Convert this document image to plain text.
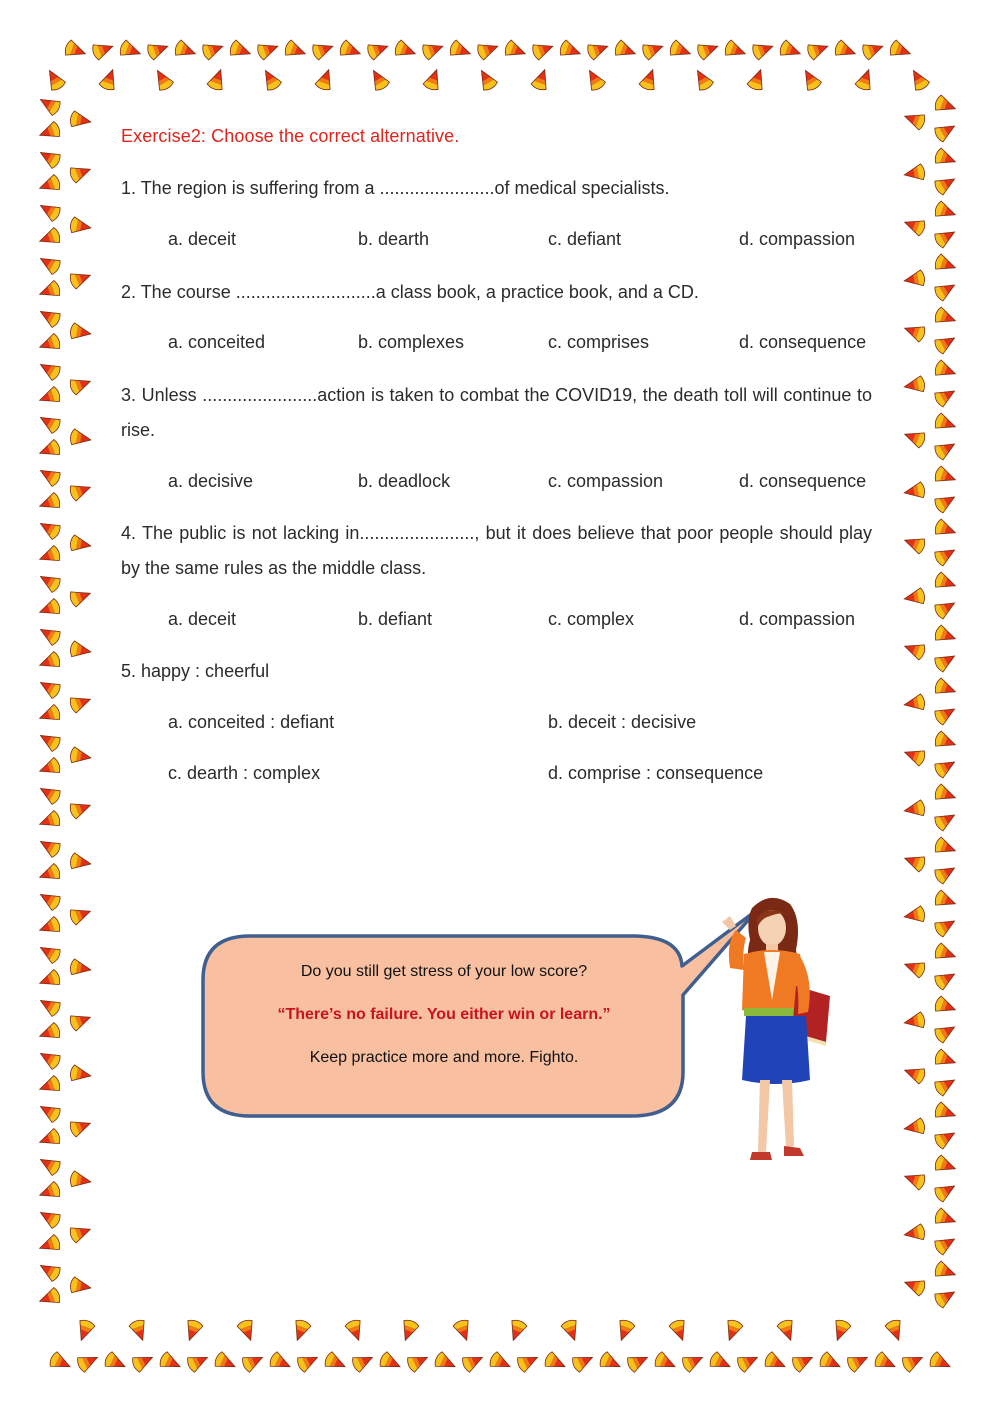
Exercise2: Choose the correct alternative.
1. The region is suffering from a .......................of medical specialists.
a. deceit	b. dearth	c. defiant	d. compassion
2. The course ............................a class book, a practice book, and a CD.
a. conceited	b. complexes	c. comprises	d. consequence
3. Unless .......................action is taken to combat the COVID19, the death toll will continue to rise.
a. decisive	b. deadlock	c. compassion	d. consequence
4. The public is not lacking in......................., but it does believe that poor people should play by the same rules as the middle class.
a. deceit	b. defiant	c. complex	d. compassion
5. happy : cheerful
a. conceited : defiant	b. deceit : decisive
c. dearth : complex	d. comprise : consequence
Do you still get stress of your low score?
“There’s no failure. You either win or learn.”
Keep practice more and more. Fighto.
